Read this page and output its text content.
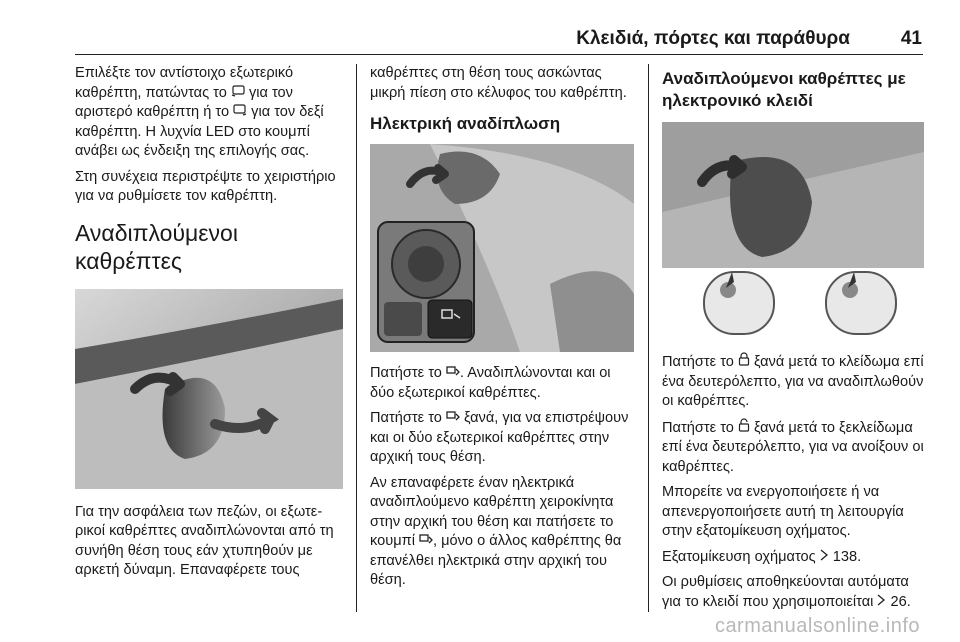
Κλειδιά, πόρτες και παράθυρα	41

Επιλέξτε τον αντίστοιχο εξωτερικό καθρέπτη, πατώντας το  για τον αριστερό καθρέπτη ή το  για τον δεξί καθρέπτη. Η λυχνία LED στο κουμπί ανάβει ως ένδειξη της επιλογής σας.

Στη συνέχεια περιστρέψτε το χειριστήριο για να ρυθμίσετε τον καθρέπτη.

Αναδιπλούμενοι καθρέπτες

Για την ασφάλεια των πεζών, οι εξωτερικοί καθρέπτες αναδιπλώνονται από τη συνήθη θέση τους εάν χτυπηθούν με αρκετή δύναμη. Επαναφέρετε τους

καθρέπτες στη θέση τους ασκώντας μικρή πίεση στο κέλυφος του καθρέπτη.

Ηλεκτρική αναδίπλωση

Πατήστε το . Αναδιπλώνονται και οι δύο εξωτερικοί καθρέπτες.

Πατήστε το  ξανά, για να επιστρέψουν και οι δύο εξωτερικοί καθρέπτες στην αρχική τους θέση.

Αν επαναφέρετε έναν ηλεκτρικά αναδιπλούμενο καθρέπτη χειροκίνητα στην αρχική του θέση και πατήσετε το κουμπί , μόνο ο άλλος καθρέπτης θα επανέλθει ηλεκτρικά στην αρχική του θέση.

Αναδιπλούμενοι καθρέπτες με ηλεκτρονικό κλειδί

Πατήστε το  ξανά μετά το κλείδωμα επί ένα δευτερόλεπτο, για να αναδιπλωθούν οι καθρέπτες.

Πατήστε το  ξανά μετά το ξεκλείδωμα επί ένα δευτερόλεπτο, για να ανοίξουν οι καθρέπτες.

Μπορείτε να ενεργοποιήσετε ή να απενεργοποιήσετε αυτή τη λειτουργία στην εξατομίκευση οχήματος.

Εξατομίκευση οχήματος  138.

Οι ρυθμίσεις αποθηκεύονται αυτόματα για το κλειδί που χρησιμοποιείται  26.

carmanualsonline.info
